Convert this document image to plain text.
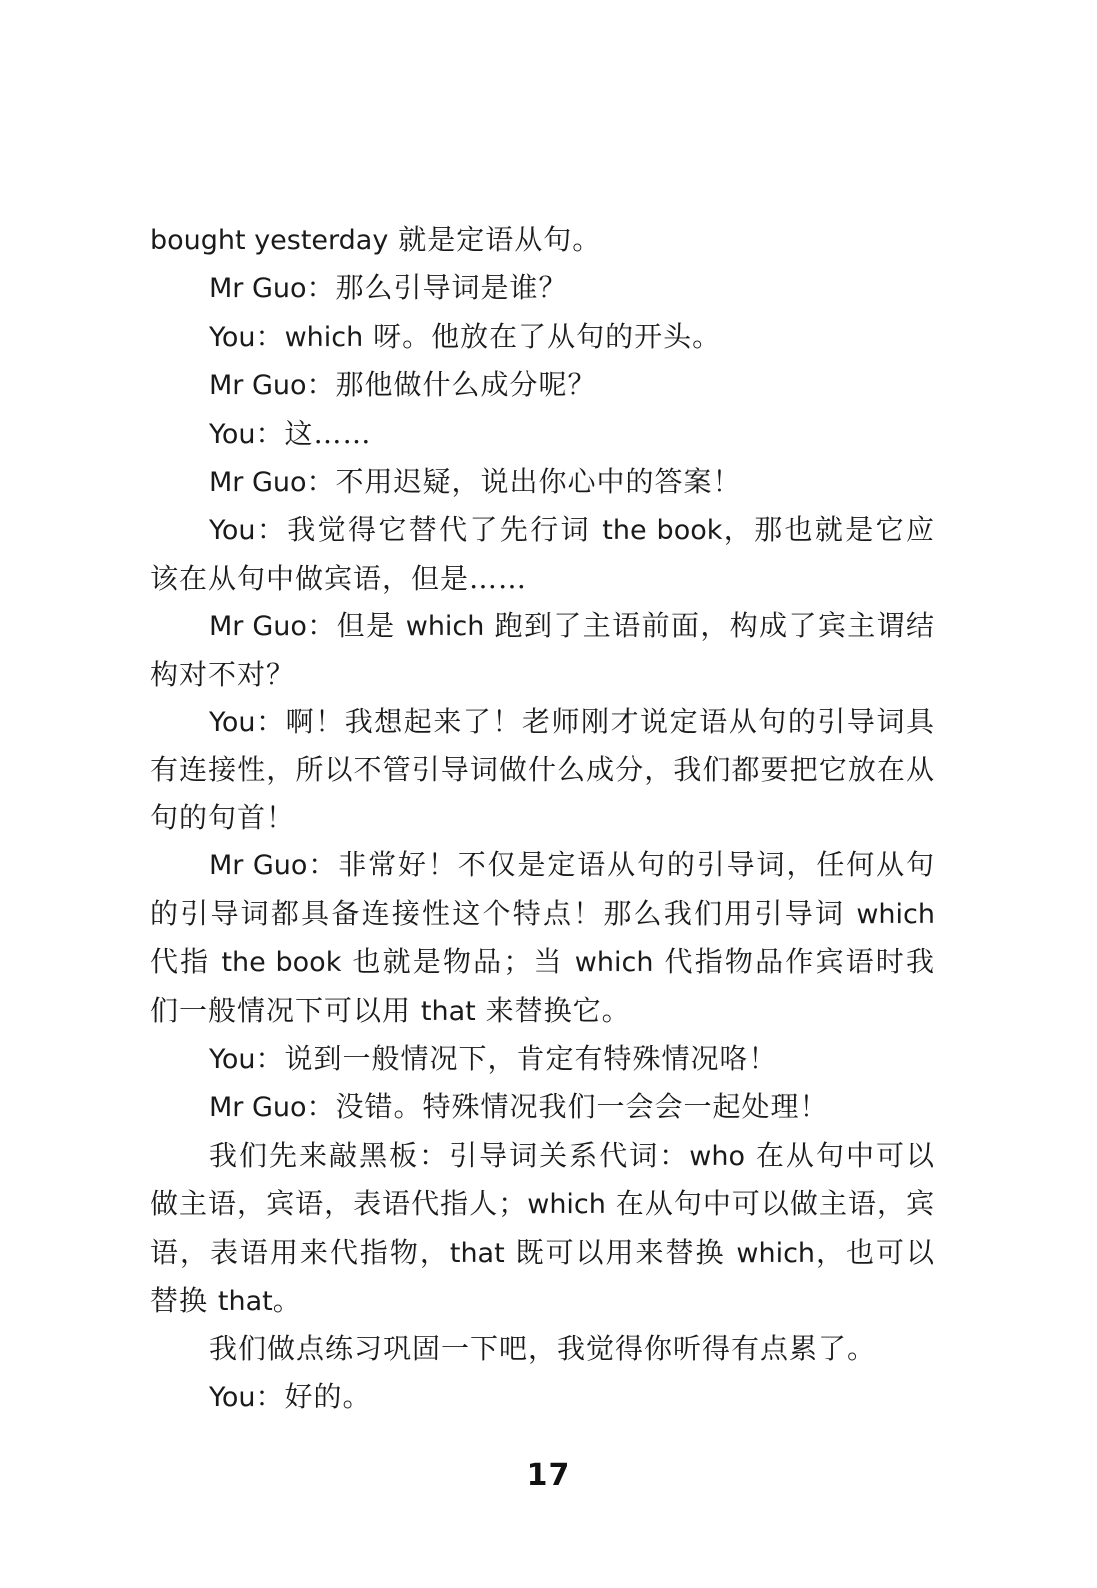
bought yesterday 就是定语从句。

Mr Guo：那么引导词是谁？

You：which 呀。他放在了从句的开头。

Mr Guo：那他做什么成分呢？

You：这……

Mr Guo：不用迟疑，说出你心中的答案！

You：我觉得它替代了先行词 the book，那也就是它应该在从句中做宾语，但是……

Mr Guo：但是 which 跑到了主语前面，构成了宾主谓结构对不对？

You：啊！我想起来了！老师刚才说定语从句的引导词具有连接性，所以不管引导词做什么成分，我们都要把它放在从句的句首！

Mr Guo：非常好！不仅是定语从句的引导词，任何从句的引导词都具备连接性这个特点！那么我们用引导词 which 代指 the book 也就是物品；当 which 代指物品作宾语时我们一般情况下可以用 that 来替换它。

You：说到一般情况下，肯定有特殊情况咯！

Mr Guo：没错。特殊情况我们一会会一起处理！

我们先来敲黑板：引导词关系代词：who 在从句中可以做主语，宾语，表语代指人；which 在从句中可以做主语，宾语，表语用来代指物，that 既可以用来替换 which，也可以替换 that。

我们做点练习巩固一下吧，我觉得你听得有点累了。

You：好的。

17
